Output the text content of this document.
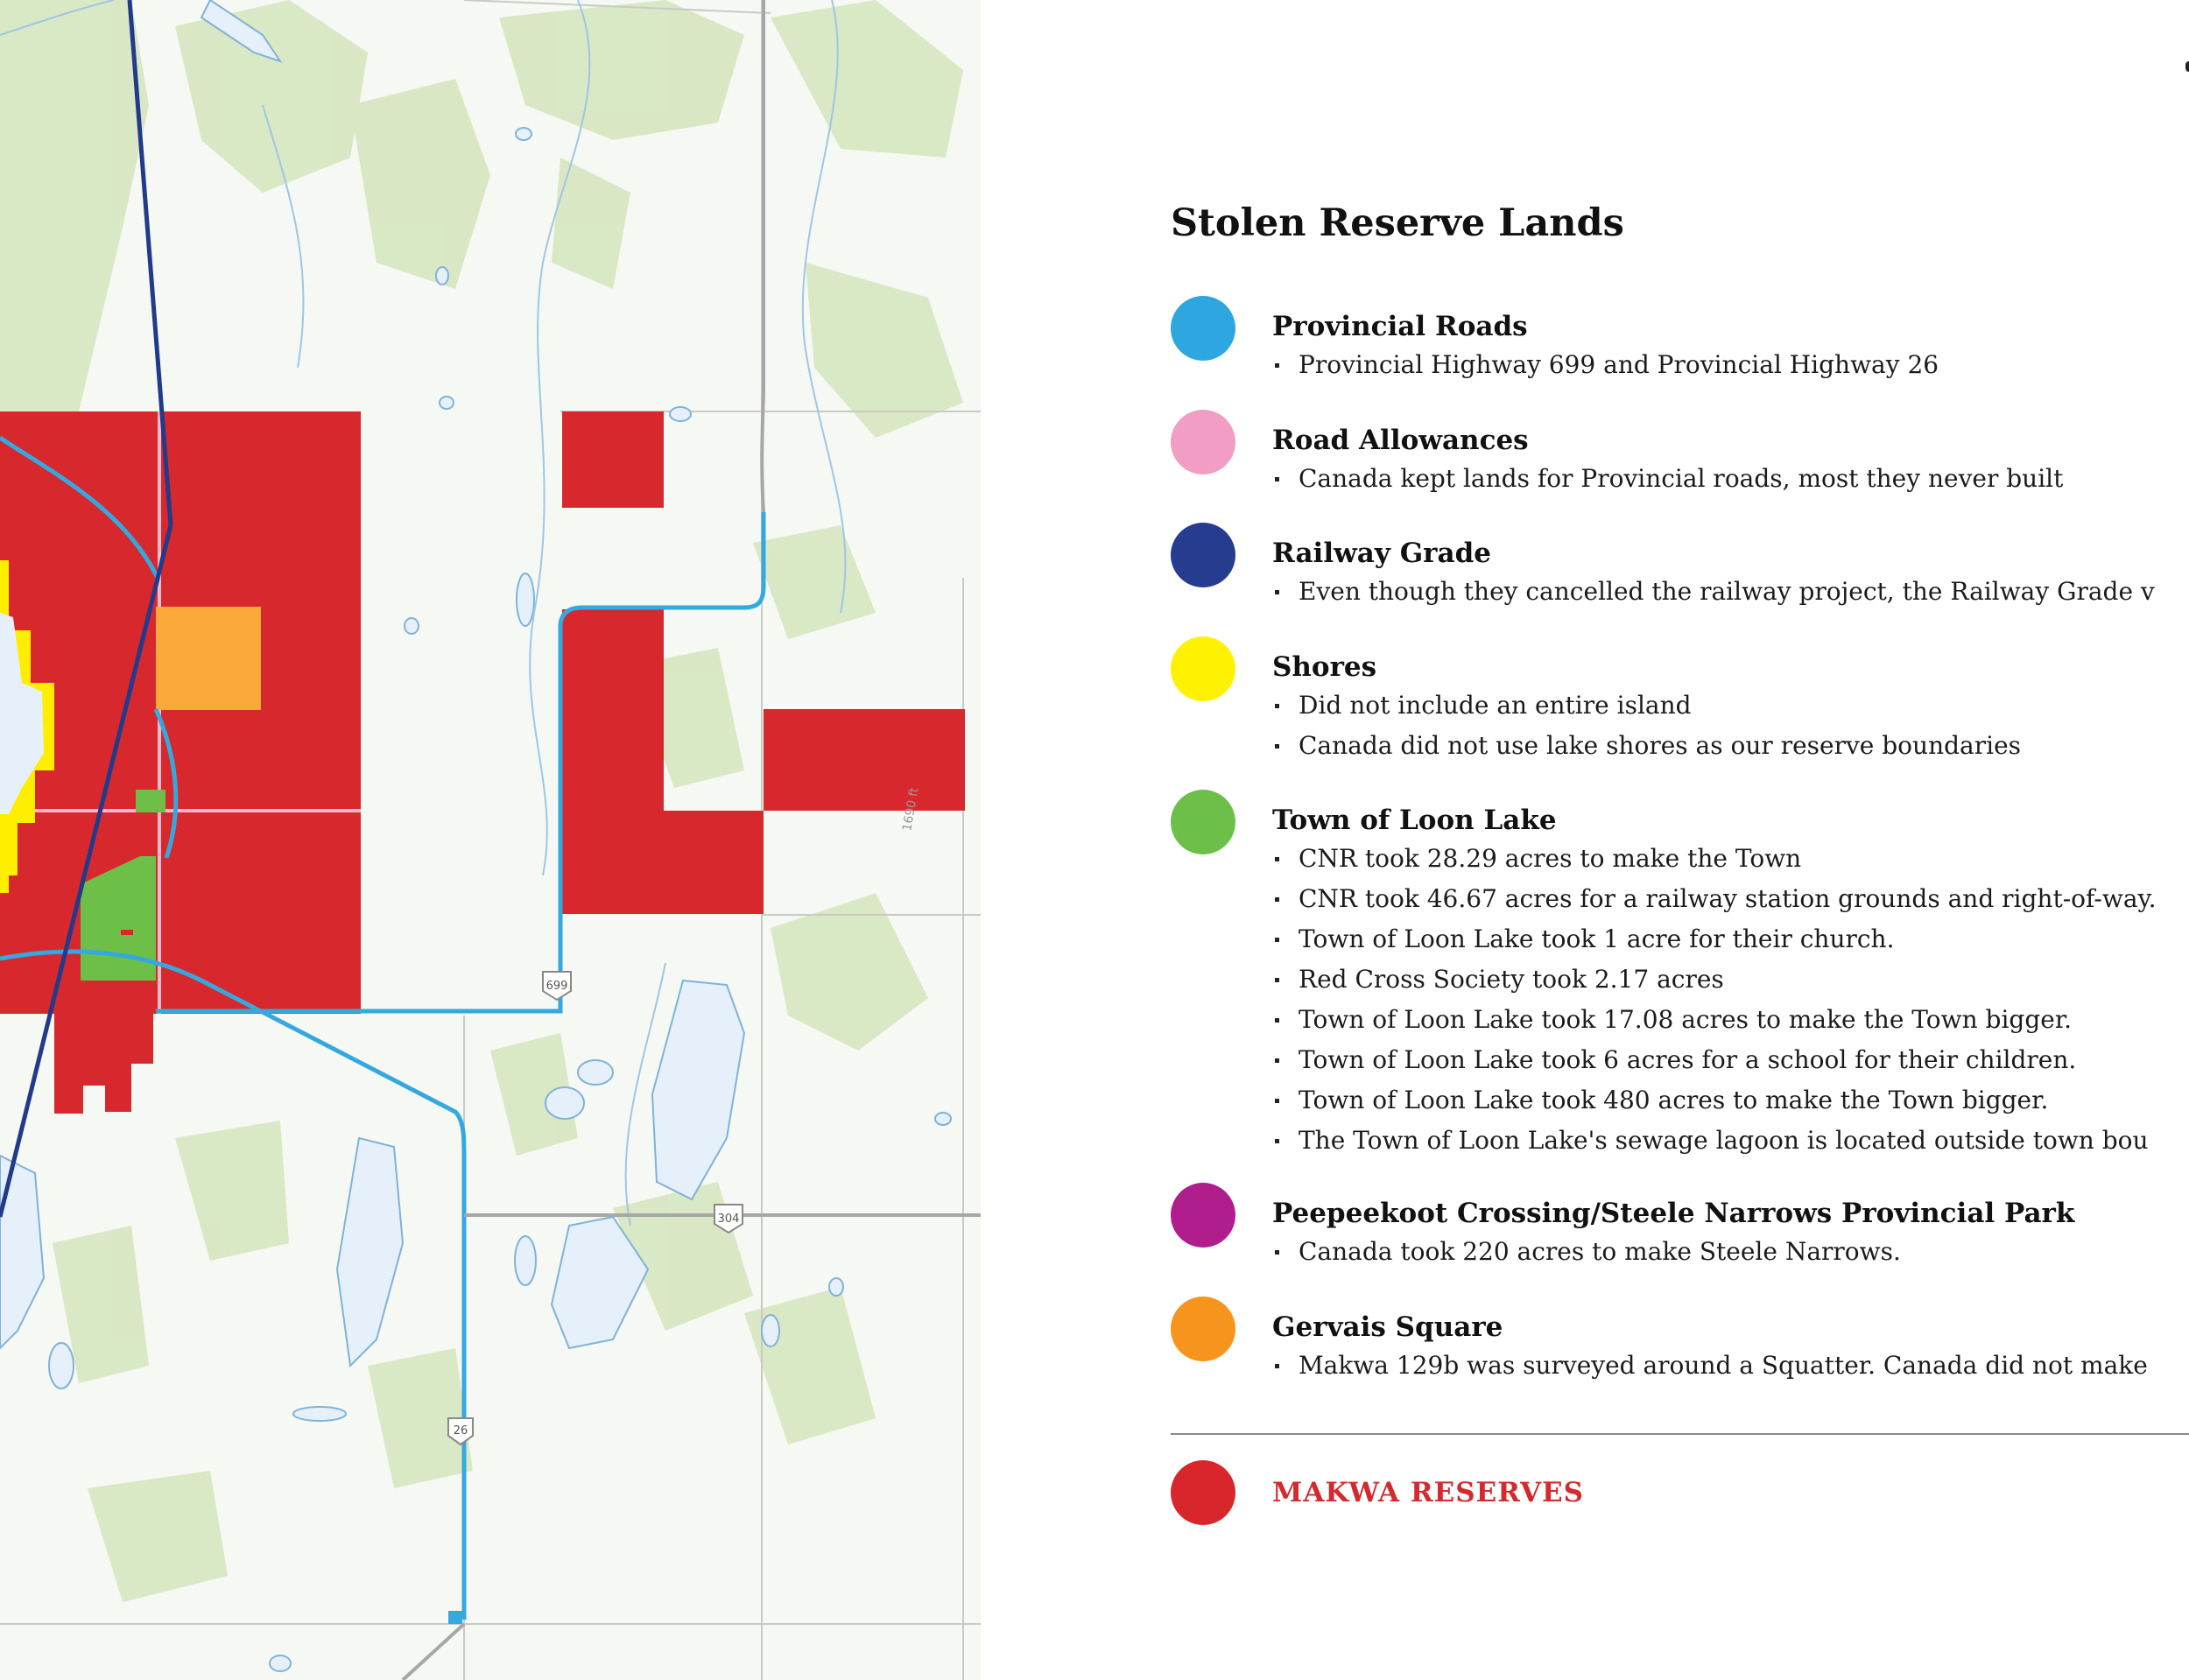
699
304
26
1690 ft
Stolen Reserve Lands
Provincial Roads
Provincial Highway 699 and Provincial Highway 26
Road Allowances
Canada kept lands for Provincial roads, most they never built
Railway Grade
Even though they cancelled the railway project, the Railway Grade v
Shores
Did not include an entire island
Canada did not use lake shores as our reserve boundaries
Town of Loon Lake
CNR took 28.29 acres to make the Town
CNR took 46.67 acres for a railway station grounds and right-of-way.
Town of Loon Lake took 1 acre for their church.
Red Cross Society took 2.17 acres
Town of Loon Lake took 17.08 acres to make the Town bigger.
Town of Loon Lake took 6 acres for a school for their children.
Town of Loon Lake took 480 acres to make the Town bigger.
The Town of Loon Lake's sewage lagoon is located outside town bou
Peepeekoot Crossing/Steele Narrows Provincial Park
Canada took 220 acres to make Steele Narrows.
Gervais Square
Makwa 129b was surveyed around a Squatter. Canada did not make
MAKWA RESERVES
